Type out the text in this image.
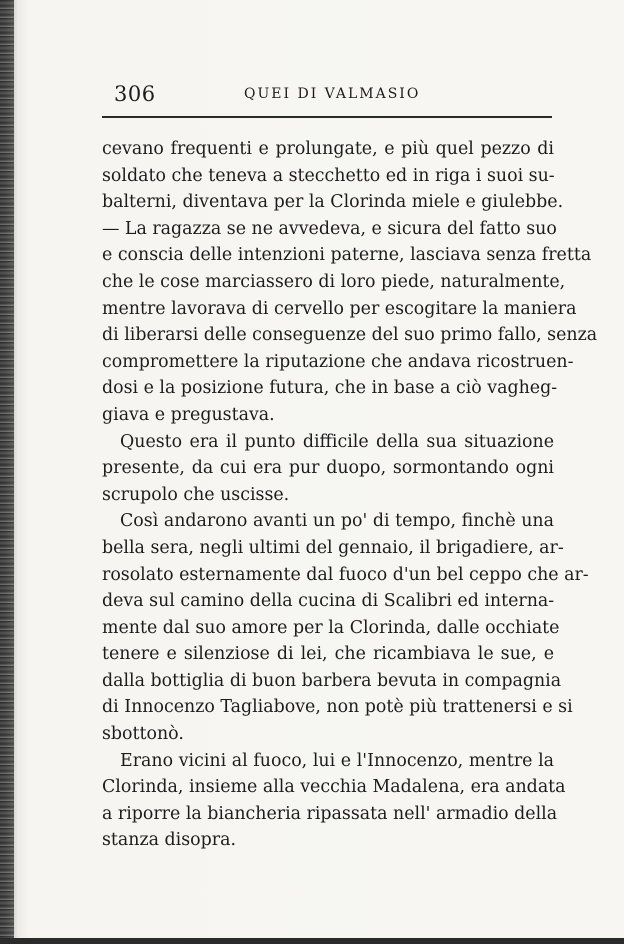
306	QUEI DI VALMASIO
cevano frequenti e prolungate, e più quel pezzo di
soldato che teneva a stecchetto ed in riga i suoi su-
balterni, diventava per la Clorinda miele e giulebbe.
— La ragazza se ne avvedeva, e sicura del fatto suo
e conscia delle intenzioni paterne, lasciava senza fretta
che le cose marciassero di loro piede, naturalmente,
mentre lavorava di cervello per escogitare la maniera
di liberarsi delle conseguenze del suo primo fallo, senza
compromettere la riputazione che andava ricostruen-
dosi e la posizione futura, che in base a ciò vagheg-
giava e pregustava.
Questo era il punto difficile della sua situazione
presente, da cui era pur duopo, sormontando ogni
scrupolo che uscisse.
Così andarono avanti un po' di tempo, finchè una
bella sera, negli ultimi del gennaio, il brigadiere, ar-
rosolato esternamente dal fuoco d'un bel ceppo che ar-
deva sul camino della cucina di Scalibri ed interna-
mente dal suo amore per la Clorinda, dalle occhiate
tenere e silenziose di lei, che ricambiava le sue, e
dalla bottiglia di buon barbera bevuta in compagnia
di Innocenzo Tagliabove, non potè più trattenersi e si
sbottonò.
Erano vicini al fuoco, lui e l'Innocenzo, mentre la
Clorinda, insieme alla vecchia Madalena, era andata
a riporre la biancheria ripassata nell' armadio della
stanza disopra.
